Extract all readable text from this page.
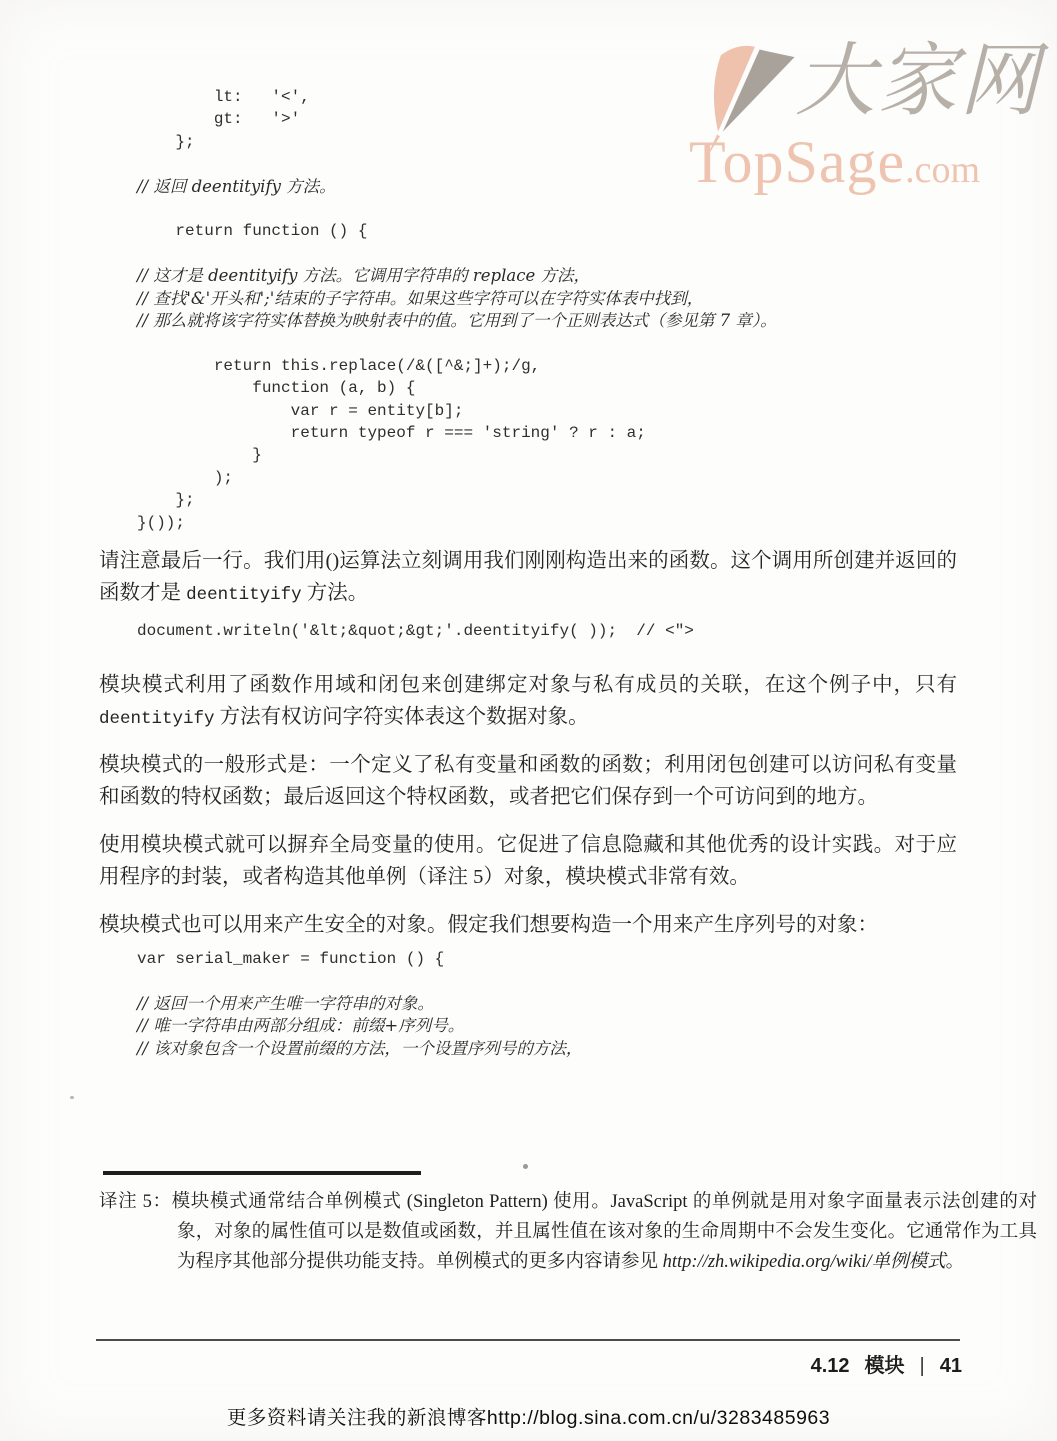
大家网
TopSage.com
lt:   '<',
gt:   '>'
};
// 返回 deentityify 方法。
return function () {
// 这才是 deentityify 方法。它调用字符串的 replace 方法，
// 查找'&'开头和';'结束的子字符串。如果这些字符可以在字符实体表中找到，
// 那么就将该字符实体替换为映射表中的值。它用到了一个正则表达式（参见第 7 章）。
return this.replace(/&([^&;]+);/g,
function (a, b) {
var r = entity[b];
return typeof r === 'string' ? r : a;
}
);
};
}());

请注意最后一行。我们用()运算法立刻调用我们刚刚构造出来的函数。这个调用所创建并返回的函数才是 deentityify 方法。

document.writeln('&lt;&quot;&gt;'.deentityify( ));  // <">

模块模式利用了函数作用域和闭包来创建绑定对象与私有成员的关联，在这个例子中，只有 deentityify 方法有权访问字符实体表这个数据对象。

模块模式的一般形式是：一个定义了私有变量和函数的函数；利用闭包创建可以访问私有变量和函数的特权函数；最后返回这个特权函数，或者把它们保存到一个可访问到的地方。

使用模块模式就可以摒弃全局变量的使用。它促进了信息隐藏和其他优秀的设计实践。对于应用程序的封装，或者构造其他单例（译注 5）对象，模块模式非常有效。

模块模式也可以用来产生安全的对象。假定我们想要构造一个用来产生序列号的对象：

var serial_maker = function () {
// 返回一个用来产生唯一字符串的对象。
// 唯一字符串由两部分组成：前缀+序列号。
// 该对象包含一个设置前缀的方法，一个设置序列号的方法，
译注 5：模块模式通常结合单例模式 (Singleton Pattern) 使用。JavaScript 的单例就是用对象字面量表示法创建的对象，对象的属性值可以是数值或函数，并且属性值在该对象的生命周期中不会发生变化。它通常作为工具为程序其他部分提供功能支持。单例模式的更多内容请参见 http://zh.wikipedia.org/wiki/单例模式。
4.12 模块 | 41
更多资料请关注我的新浪博客http://blog.sina.com.cn/u/3283485963
